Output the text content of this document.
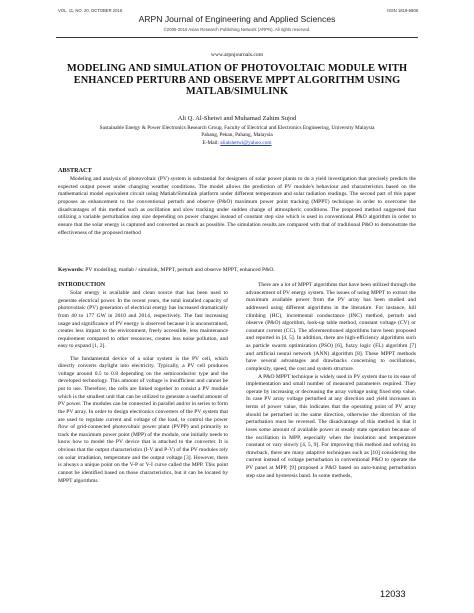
VOL. 11, NO. 20, OCTOBER 2016	ISSN 1819-6608
ARPN Journal of Engineering and Applied Sciences
©2006-2016 Asian Research Publishing Network (ARPN). All rights reserved.
www.arpnjournals.com
MODELING AND SIMULATION OF PHOTOVOLTAIC MODULE WITH
ENHANCED PERTURB AND OBSERVE MPPT ALGORITHM USING
MATLAB/SIMULINK
Ali Q. Al-Shetwi and Muhamad Zahim Sujod
Sustainable Energy & Power Electronics Research Group, Faculty of Electrical and Electronics Engineering, University Malaysia
Pahang, Pekan, Pahang, Malaysia
E-Mail: alialshetwi@yahoo.com
ABSTRACT
Modeling and analysis of photovoltaic (PV) system is substantial for designers of solar power plants to do a yield investigation that precisely predicts the expected output power under changing weather conditions. The model allows the prediction of PV module's behaviour and characteristics based on the mathematical model equivalent circuit using Matlab/Simulink platform under different temperature and solar radiation readings. The second part of this paper proposes an enhancement to the conventional perturb and observe (P&O) maximum power point tracking (MPPT) technique in order to overcome the disadvantages of this method such as oscillation and slow tracking under sudden change of atmospheric conditions. The proposed method suggested that utilizing a variable perturbation step size depending on power changes instead of constant step size which is used in conventional P&O algorithm in order to ensure that the solar energy is captured and converted as much as possible. The simulation results are compared with that of traditional P&O to demonstrate the effectiveness of the proposed method
Keywords: PV modelling, matlab / simulink, MPPT, perturb and observe MPPT, enhanced P&O.
INTRODUCTION

Solar energy is available and clean source that has been used to generate electrical power. In the recent years, the total installed capacity of photovoltaic (PV) generation of electrical energy has increased dramatically from 40 to 177 GW in 2010 and 2014, respectively. The fast increasing usage and significance of PV energy is observed because it is unconstrained, creates less impact to the environment, freely accessible, less maintenance requirement compared to other resources, creates less noise pollution, and easy to expand [1, 2].

The fundamental device of a solar system is the PV cell, which directly converts daylight into electricity. Typically, a PV cell produces voltage around 0.5 to 0.8 depending on the semiconductor type and the developed technology. This amount of voltage is insufficient and cannot be put to use. Therefore, the cells are linked together to consist a PV module which is the smallest unit that can be utilized to generate a useful amount of PV power. The modules can be connected in parallel and/or in series to form the PV array. In order to design electronics converters of the PV system that are used to regulate current and voltage of the load, to control the power flow of grid-connected photovoltaic power plant (PVPP) and primarily to track the maximum power point (MPP) of the module, one initially needs to know how to model the PV device that is attached to the converter. It is obvious that the output characteristics (I-V and P-V) of the PV modules rely on solar irradiation, temperature and the output voltage [3]. However, there is always a unique point on the V-P or V-I curve called the MPP. This point cannot be identified based on those characteristics, but it can be located by MPPT algorithms.

There are a lot of MPPT algorithms that have been utilized through the advancement of PV energy system. The issues of using MPPT to extract the maximum available power from the PV array has been studied and addressed using different algorithms in the literature. For instance, hill climbing (HC), incremental conductance (INC) method, perturb and observe (P&O) algorithm, look-up table method, constant voltage (CV) or constant current (CC). The aforementioned algorithms have been proposed and reported in [4, 5]. In addition, there are high-efficiency algorithms such as particle swarm optimization (PSO) [6], fuzzy logic (FL) algorithm [7] and artificial neural network (ANN) algorithm [8]. These MPPT methods have several advantages and drawbacks concerning to oscillations, complexity, speed, the cost and system structure.

A P&O MPPT technique is widely used in PV system due to its ease of implementation and small number of measured parameters required. They operate by increasing or decreasing the array voltage using fixed step value. In case PV array voltage perturbed at any direction and yield increases in terms of power value, this indicates that the operating point of PV array should be perturbed in the same direction, otherwise the direction of the perturbation must be reversed. The disadvantage of this method is that it loses some amount of available power at steady state operation because of the oscillation in MPP, especially when the insolation and temperature constant or vary slowly [4, 5, 9]. For improving this method and solving its drawback, there are many adaptive techniques such as [10] considering the current instead of voltage perturbation in conventional P&O to operate the PV panel at MPP, [9] proposed a P&O based on auto-tuning perturbation step size and hysteresis band. In some methods,

12033
